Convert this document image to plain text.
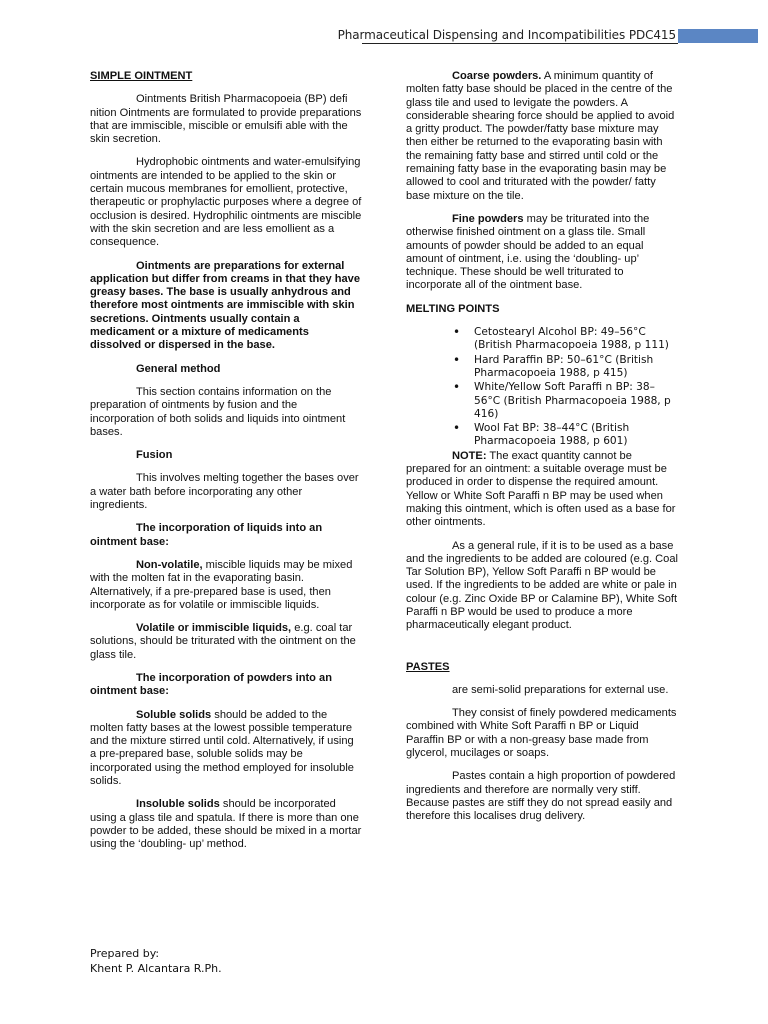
Pharmaceutical Dispensing and Incompatibilities PDC415

SIMPLE OINTMENT

Ointments British Pharmacopoeia (BP) defi nition Ointments are formulated to provide preparations that are immiscible, miscible or emulsifi able with the skin secretion.

Hydrophobic ointments and water-emulsifying ointments are intended to be applied to the skin or certain mucous membranes for emollient, protective, therapeutic or prophylactic purposes where a degree of occlusion is desired. Hydrophilic ointments are miscible with the skin secretion and are less emollient as a consequence.

Ointments are preparations for external application but differ from creams in that they have greasy bases. The base is usually anhydrous and therefore most ointments are immiscible with skin secretions. Ointments usually contain a medicament or a mixture of medicaments dissolved or dispersed in the base.

General method

This section contains information on the preparation of ointments by fusion and the incorporation of both solids and liquids into ointment bases.

Fusion

This involves melting together the bases over a water bath before incorporating any other ingredients.

The incorporation of liquids into an ointment base:

Non-volatile, miscible liquids may be mixed with the molten fat in the evaporating basin. Alternatively, if a pre-prepared base is used, then incorporate as for volatile or immiscible liquids.

Volatile or immiscible liquids, e.g. coal tar solutions, should be triturated with the ointment on the glass tile.

The incorporation of powders into an ointment base:

Soluble solids should be added to the molten fatty bases at the lowest possible temperature and the mixture stirred until cold. Alternatively, if using a pre-prepared base, soluble solids may be incorporated using the method employed for insoluble solids.

Insoluble solids should be incorporated using a glass tile and spatula. If there is more than one powder to be added, these should be mixed in a mortar using the ‘doubling- up’ method.

Coarse powders. A minimum quantity of molten fatty base should be placed in the centre of the glass tile and used to levigate the powders. A considerable shearing force should be applied to avoid a gritty product. The powder/fatty base mixture may then either be returned to the evaporating basin with the remaining fatty base and stirred until cold or the remaining fatty base in the evaporating basin may be allowed to cool and triturated with the powder/ fatty base mixture on the tile.

Fine powders may be triturated into the otherwise finished ointment on a glass tile. Small amounts of powder should be added to an equal amount of ointment, i.e. using the ‘doubling- up’ technique. These should be well triturated to incorporate all of the ointment base.

MELTING POINTS

• Cetostearyl Alcohol BP: 49–56°C (British Pharmacopoeia 1988, p 111)
• Hard Paraffin BP: 50–61°C (British Pharmacopoeia 1988, p 415)
• White/Yellow Soft Paraffi n BP: 38–56°C (British Pharmacopoeia 1988, p 416)
• Wool Fat BP: 38–44°C (British Pharmacopoeia 1988, p 601)

NOTE: The exact quantity cannot be prepared for an ointment: a suitable overage must be produced in order to dispense the required amount. Yellow or White Soft Paraffi n BP may be used when making this ointment, which is often used as a base for other ointments.

As a general rule, if it is to be used as a base and the ingredients to be added are coloured (e.g. Coal Tar Solution BP), Yellow Soft Paraffi n BP would be used. If the ingredients to be added are white or pale in colour (e.g. Zinc Oxide BP or Calamine BP), White Soft Paraffi n BP would be used to produce a more pharmaceutically elegant product.

PASTES

are semi-solid preparations for external use.

They consist of finely powdered medicaments combined with White Soft Paraffi n BP or Liquid Paraffin BP or with a non-greasy base made from glycerol, mucilages or soaps.

Pastes contain a high proportion of powdered ingredients and therefore are normally very stiff. Because pastes are stiff they do not spread easily and therefore this localises drug delivery.

Prepared by:
Khent P. Alcantara R.Ph.
